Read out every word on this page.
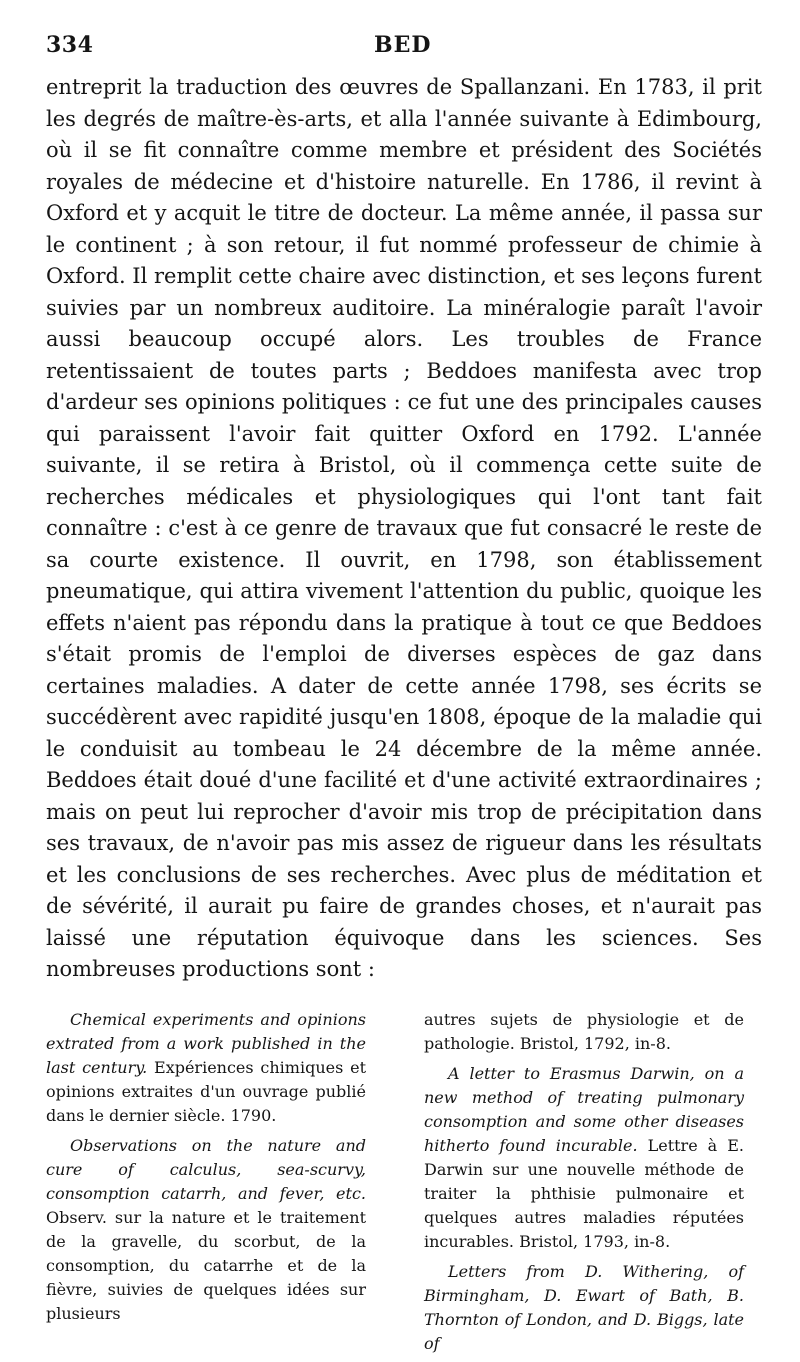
334	BED

entreprit la traduction des œuvres de Spallanzani. En 1783, il prit les degrés de maître-ès-arts, et alla l'année suivante à Edimbourg, où il se fit connaître comme membre et président des Sociétés royales de médecine et d'histoire naturelle. En 1786, il revint à Oxford et y acquit le titre de docteur. La même année, il passa sur le continent ; à son retour, il fut nommé professeur de chimie à Oxford. Il remplit cette chaire avec distinction, et ses leçons furent suivies par un nombreux auditoire. La minéralogie paraît l'avoir aussi beaucoup occupé alors. Les troubles de France retentissaient de toutes parts ; Beddoes manifesta avec trop d'ardeur ses opinions politiques : ce fut une des principales causes qui paraissent l'avoir fait quitter Oxford en 1792. L'année suivante, il se retira à Bristol, où il commença cette suite de recherches médicales et physiologiques qui l'ont tant fait connaître : c'est à ce genre de travaux que fut consacré le reste de sa courte existence. Il ouvrit, en 1798, son établissement pneumatique, qui attira vivement l'attention du public, quoique les effets n'aient pas répondu dans la pratique à tout ce que Beddoes s'était promis de l'emploi de diverses espèces de gaz dans certaines maladies. A dater de cette année 1798, ses écrits se succédèrent avec rapidité jusqu'en 1808, époque de la maladie qui le conduisit au tombeau le 24 décembre de la même année. Beddoes était doué d'une facilité et d'une activité extraordinaires ; mais on peut lui reprocher d'avoir mis trop de précipitation dans ses travaux, de n'avoir pas mis assez de rigueur dans les résultats et les conclusions de ses recherches. Avec plus de méditation et de sévérité, il aurait pu faire de grandes choses, et n'aurait pas laissé une réputation équivoque dans les sciences. Ses nombreuses productions sont :

Chemical experiments and opinions extrated from a work published in the last century. Expériences chimiques et opinions extraites d'un ouvrage publié dans le dernier siècle. 1790.

Observations on the nature and cure of calculus, sea-scurvy, consomption catarrh, and fever, etc. Observ. sur la nature et le traitement de la gravelle, du scorbut, de la consomption, du catarrhe et de la fièvre, suivies de quelques idées sur plusieurs

autres sujets de physiologie et de pathologie. Bristol, 1792, in-8.

A letter to Erasmus Darwin, on a new method of treating pulmonary consomption and some other diseases hitherto found incurable. Lettre à E. Darwin sur une nouvelle méthode de traiter la phthisie pulmonaire et quelques autres maladies réputées incurables. Bristol, 1793, in-8.

Letters from D. Withering, of Birmingham, D. Ewart of Bath, B. Thornton of London, and D. Biggs, late of
